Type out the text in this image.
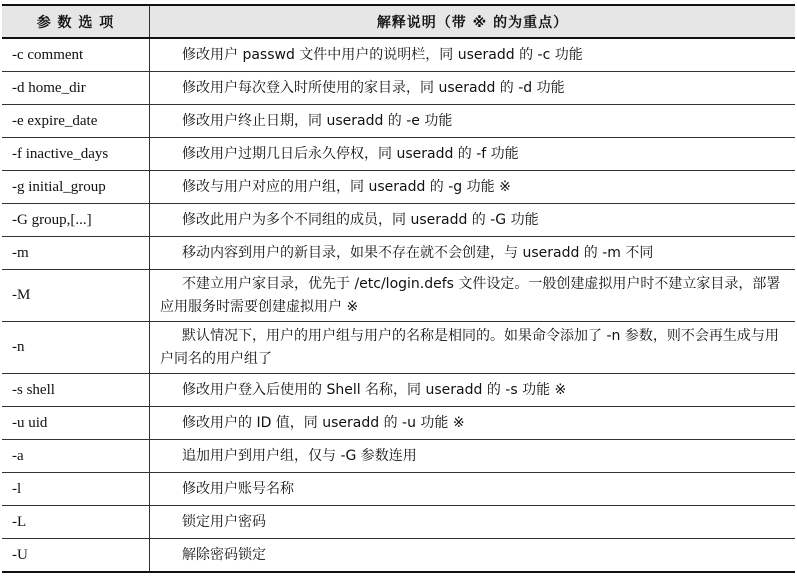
参 数 选 项	解释说明（带 ※ 的为重点）
-c comment	修改用户 passwd 文件中用户的说明栏，同 useradd 的 -c 功能
-d home_dir	修改用户每次登入时所使用的家目录，同 useradd 的 -d 功能
-e expire_date	修改用户终止日期，同 useradd 的 -e 功能
-f inactive_days	修改用户过期几日后永久停权，同 useradd 的 -f 功能
-g initial_group	修改与用户对应的用户组，同 useradd 的 -g 功能 ※
-G group,[...]	修改此用户为多个不同组的成员，同 useradd 的 -G 功能
-m	移动内容到用户的新目录，如果不存在就不会创建，与 useradd 的 -m 不同
-M	不建立用户家目录，优先于 /etc/login.defs 文件设定。一般创建虚拟用户时不建立家目录，部署应用服务时需要创建虚拟用户 ※
-n	默认情况下，用户的用户组与用户的名称是相同的。如果命令添加了 -n 参数，则不会再生成与用户同名的用户组了
-s shell	修改用户登入后使用的 Shell 名称，同 useradd 的 -s 功能 ※
-u uid	修改用户的 ID 值，同 useradd 的 -u 功能 ※
-a	追加用户到用户组，仅与 -G 参数连用
-l	修改用户账号名称
-L	锁定用户密码
-U	解除密码锁定
